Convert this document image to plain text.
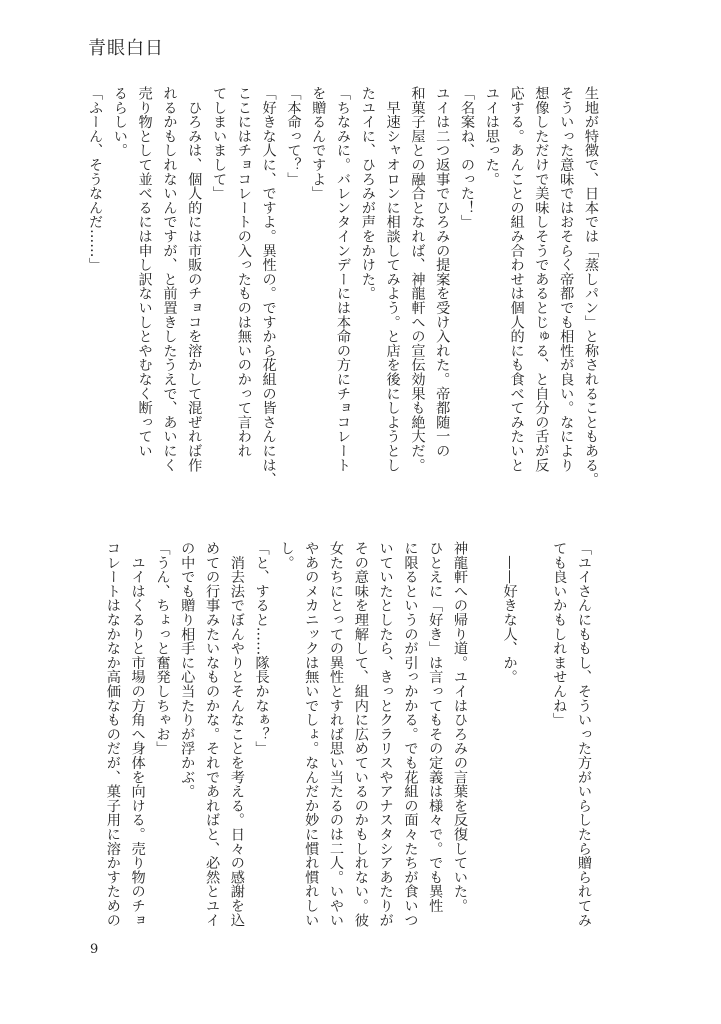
青眼白日
生地が特徴で、日本では「蒸しパン」と称されることもある。
そういった意味ではおそらく帝都でも相性が良い。なにより
想像しただけで美味しそうであるとじゅる、と自分の舌が反
応する。あんことの組み合わせは個人的にも食べてみたいと
ユイは思った。
「名案ね、のった！」
ユイは二つ返事でひろみの提案を受け入れた。帝都随一の
和菓子屋との融合となれば、神龍軒への宣伝効果も絶大だ。
　早速シャオロンに相談してみよう。と店を後にしようとし
たユイに、ひろみが声をかけた。
「ちなみに。バレンタインデーには本命の方にチョコレート
を贈るんですよ」
「本命って？」
「好きな人に、ですよ。異性の。ですから花組の皆さんには、
ここにはチョコレートの入ったものは無いのかって言われ
てしまいまして」
　ひろみは、個人的には市販のチョコを溶かして混ぜれば作
れるかもしれないんですが、と前置きしたうえで、あいにく
売り物として並べるには申し訳ないしとやむなく断ってい
るらしい。
「ふーん、そうなんだ……」
「ユイさんにももし、そういった方がいらしたら贈られてみ
ても良いかもしれませんね」
　——好きな人、か。
神龍軒への帰り道。ユイはひろみの言葉を反復していた。
ひとえに「好き」は言ってもその定義は様々で。でも異性
に限るというのが引っかかる。でも花組の面々たちが食いつ
いていたとしたら、きっとクラリスやアナスタシアあたりが
その意味を理解して、組内に広めているのかもしれない。彼
女たちにとっての異性とすれば思い当たるのは二人。いやい
やあのメカニックは無いでしょ。なんだか妙に慣れ慣れしい
し。
「と、すると……隊長かなぁ？」
　消去法でぼんやりとそんなことを考える。日々の感謝を込
めての行事みたいなものかな。それであればと、必然とユイ
の中でも贈り相手に心当たりが浮かぶ。
「うん、ちょっと奮発しちゃお」
　ユイはくるりと市場の方角へ身体を向ける。売り物のチョ
コレートはなかなか高価なものだが、菓子用に溶かすための
9
